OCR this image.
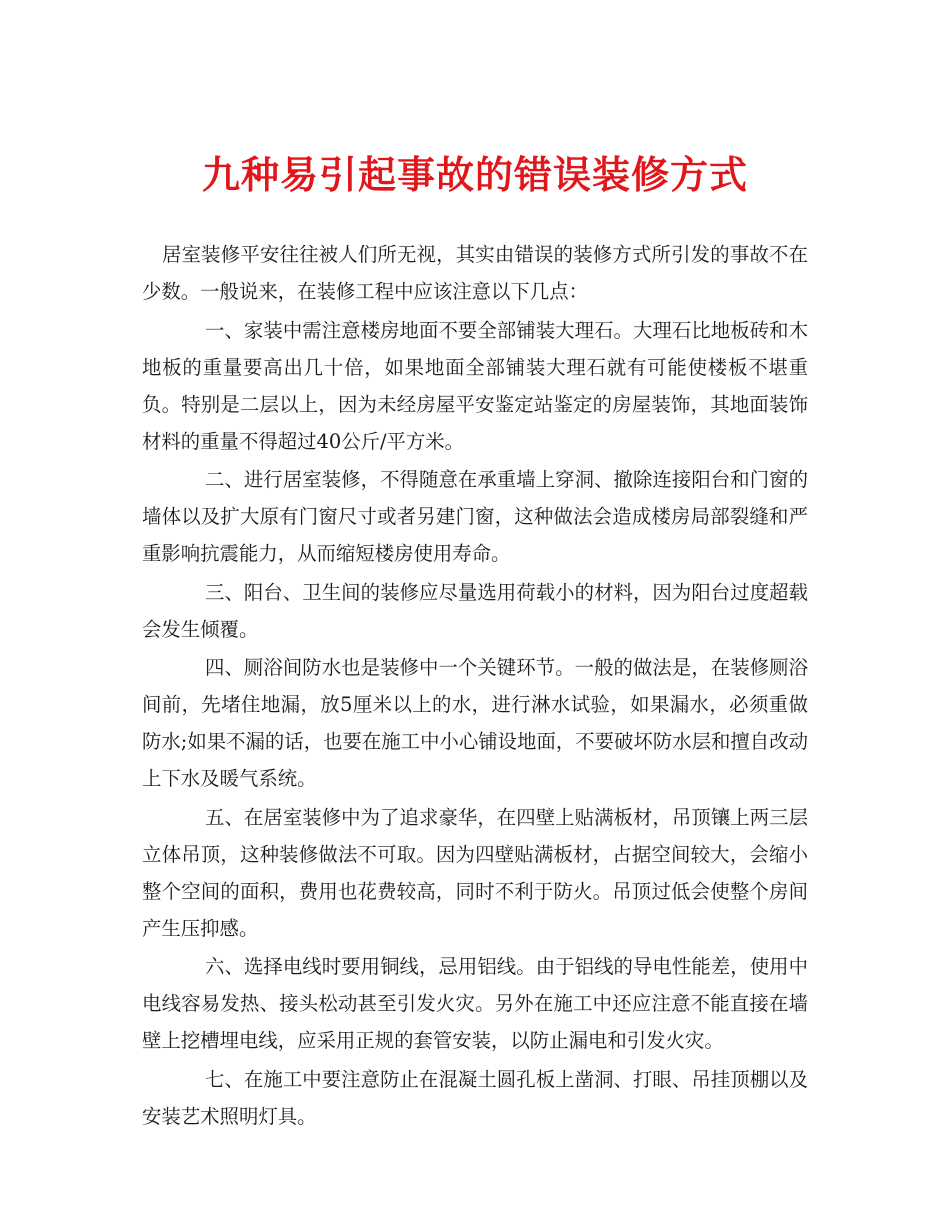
九种易引起事故的错误装修方式

居室装修平安往往被人们所无视，其实由错误的装修方式所引发的事故不在少数。一般说来，在装修工程中应该注意以下几点：

一、家装中需注意楼房地面不要全部铺装大理石。大理石比地板砖和木地板的重量要高出几十倍，如果地面全部铺装大理石就有可能使楼板不堪重负。特别是二层以上，因为未经房屋平安鉴定站鉴定的房屋装饰，其地面装饰材料的重量不得超过40公斤/平方米。

二、进行居室装修，不得随意在承重墙上穿洞、撤除连接阳台和门窗的墙体以及扩大原有门窗尺寸或者另建门窗，这种做法会造成楼房局部裂缝和严重影响抗震能力，从而缩短楼房使用寿命。

三、阳台、卫生间的装修应尽量选用荷载小的材料，因为阳台过度超载会发生倾覆。

四、厕浴间防水也是装修中一个关键环节。一般的做法是，在装修厕浴间前，先堵住地漏，放5厘米以上的水，进行淋水试验，如果漏水，必须重做防水;如果不漏的话，也要在施工中小心铺设地面，不要破坏防水层和擅自改动上下水及暖气系统。

五、在居室装修中为了追求豪华，在四壁上贴满板材，吊顶镶上两三层立体吊顶，这种装修做法不可取。因为四壁贴满板材，占据空间较大，会缩小整个空间的面积，费用也花费较高，同时不利于防火。吊顶过低会使整个房间产生压抑感。

六、选择电线时要用铜线，忌用铝线。由于铝线的导电性能差，使用中电线容易发热、接头松动甚至引发火灾。另外在施工中还应注意不能直接在墙壁上挖槽埋电线，应采用正规的套管安装，以防止漏电和引发火灾。

七、在施工中要注意防止在混凝土圆孔板上凿洞、打眼、吊挂顶棚以及安装艺术照明灯具。
